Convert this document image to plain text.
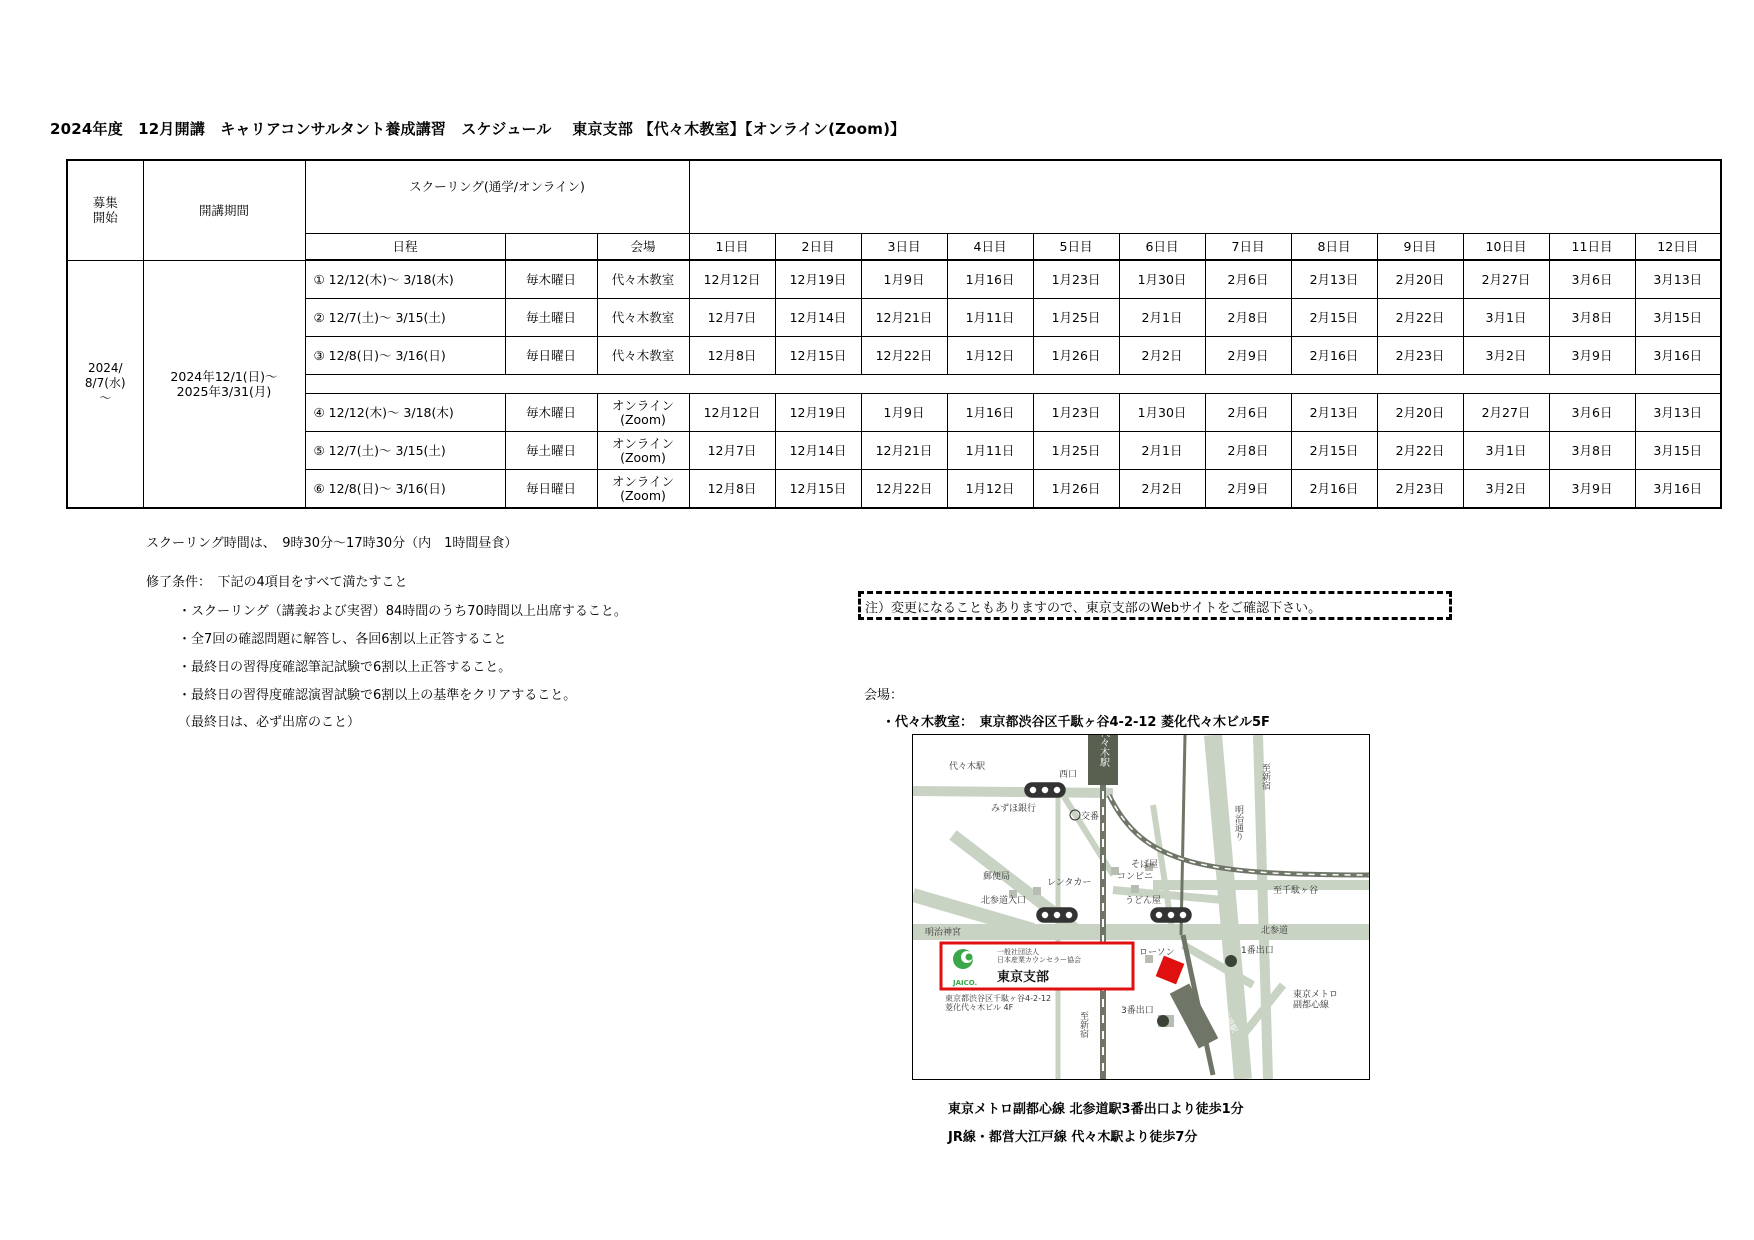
2024年度　12月開講　キャリアコンサルタント養成講習　スケジュール　 東京支部 【代々木教室】【オンライン(Zoom)】
募集開始	開講期間	スクーリング(通学/オンライン)														
		日程		会場	1日目	2日目	3日目	4日目	5日目	6日目	7日目	8日目	9日目	10日目	11日目	12日目
2024/
8/7(水)
～	2024年12/1(日)～
2025年3/31(月)	① 12/12(木)～ 3/18(木)	毎木曜日	代々木教室	12月12日	12月19日	1月9日	1月16日	1月23日	1月30日	2月6日	2月13日	2月20日	2月27日	3月6日	3月13日
		② 12/7(土)～ 3/15(土)	毎土曜日	代々木教室	12月7日	12月14日	12月21日	1月11日	1月25日	2月1日	2月8日	2月15日	2月22日	3月1日	3月8日	3月15日
		③ 12/8(日)～ 3/16(日)	毎日曜日	代々木教室	12月8日	12月15日	12月22日	1月12日	1月26日	2月2日	2月9日	2月16日	2月23日	3月2日	3月9日	3月16日

		④ 12/12(木)～ 3/18(木)	毎木曜日	オンライン
(Zoom)	12月12日	12月19日	1月9日	1月16日	1月23日	1月30日	2月6日	2月13日	2月20日	2月27日	3月6日	3月13日
		⑤ 12/7(土)～ 3/15(土)	毎土曜日	オンライン
(Zoom)	12月7日	12月14日	12月21日	1月11日	1月25日	2月1日	2月8日	2月15日	2月22日	3月1日	3月8日	3月15日
		⑥ 12/8(日)～ 3/16(日)	毎日曜日	オンライン
(Zoom)	12月8日	12月15日	12月22日	1月12日	1月26日	2月2日	2月9日	2月16日	2月23日	3月2日	3月9日	3月16日
スクーリング時間は、　9時30分～17時30分（内　1時間昼食）
修了条件：　下記の4項目をすべて満たすこと
・スクーリング（講義および実習）84時間のうち70時間以上出席すること。
・全7回の確認問題に解答し、各回6割以上正答すること
・最終日の習得度確認筆記試験で6割以上正答すること。
・最終日の習得度確認演習試験で6割以上の基準をクリアすること。
（最終日は、必ず出席のこと）
注）変更になることもありますので、東京支部のWebサイトをご確認下さい。
会場：
・代々木教室：　東京都渋谷区千駄ヶ谷4-2-12 菱化代々木ビル5F
代々木駅
代々木駅
西口
みずほ銀行
交番
郵便局
レンタカー
北参道入口
明治神宮
そば屋
コンビニ
うどん屋
至千駄ヶ谷
至新宿
明治通り
北参道
ローソン	1番出口
3番出口
至新宿
東京メトロ副都心線
東京都渋谷区千駄ヶ谷4-2-12 菱化代々木ビル 4F
JAICO.
一般社団法人日本産業カウンセラー協会
東京支部
北参道駅
東京メトロ副都心線 北参道駅3番出口より徒歩1分
JR線・都営大江戸線 代々木駅より徒歩7分
